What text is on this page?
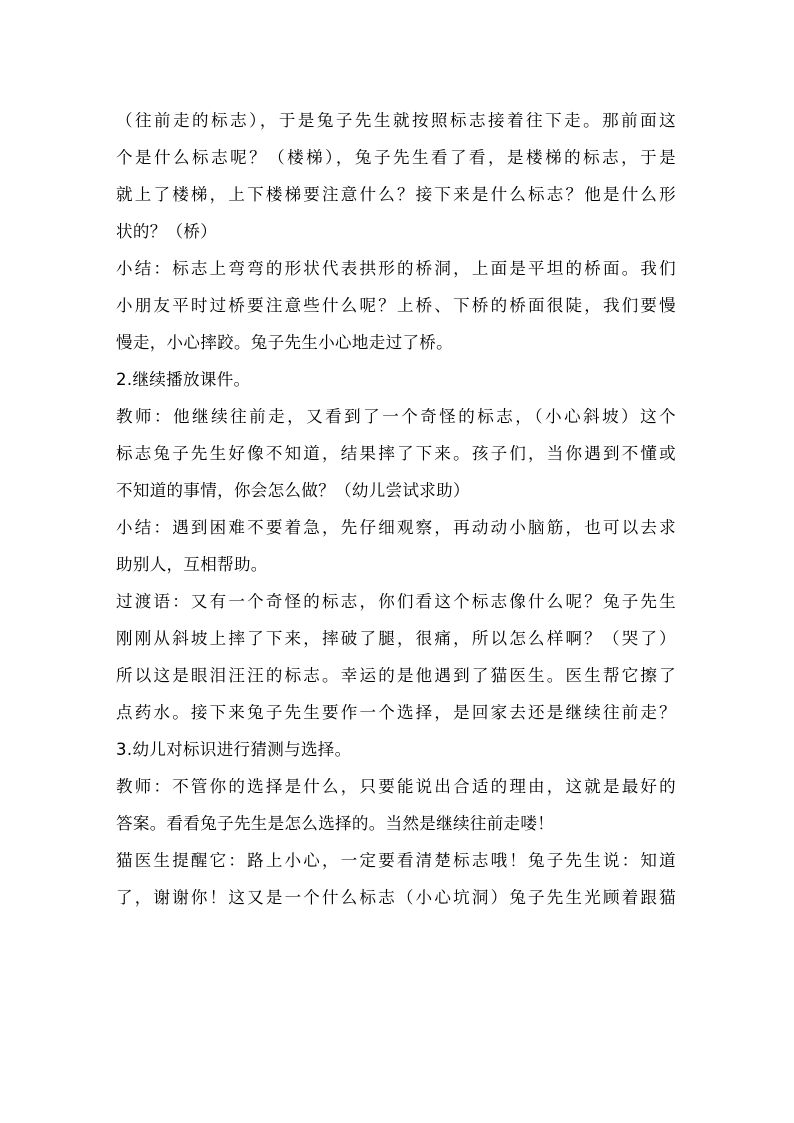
（往前走的标志），于是兔子先生就按照标志接着往下走。那前面这
个是什么标志呢？（楼梯），兔子先生看了看，是楼梯的标志，于是
就上了楼梯，上下楼梯要注意什么？接下来是什么标志？他是什么形
状的？（桥）
小结：标志上弯弯的形状代表拱形的桥洞，上面是平坦的桥面。我们
小朋友平时过桥要注意些什么呢？上桥、下桥的桥面很陡，我们要慢
慢走，小心摔跤。兔子先生小心地走过了桥。
2.继续播放课件。
教师：他继续往前走，又看到了一个奇怪的标志，（小心斜坡）这个
标志兔子先生好像不知道，结果摔了下来。孩子们，当你遇到不懂或
不知道的事情，你会怎么做？（幼儿尝试求助）
小结：遇到困难不要着急，先仔细观察，再动动小脑筋，也可以去求
助别人，互相帮助。
过渡语：又有一个奇怪的标志，你们看这个标志像什么呢？兔子先生
刚刚从斜坡上摔了下来，摔破了腿，很痛，所以怎么样啊？（哭了）
所以这是眼泪汪汪的标志。幸运的是他遇到了猫医生。医生帮它擦了
点药水。接下来兔子先生要作一个选择，是回家去还是继续往前走？
3.幼儿对标识进行猜测与选择。
教师：不管你的选择是什么，只要能说出合适的理由，这就是最好的
答案。看看兔子先生是怎么选择的。当然是继续往前走喽！
猫医生提醒它：路上小心，一定要看清楚标志哦！兔子先生说：知道
了，谢谢你！这又是一个什么标志（小心坑洞）兔子先生光顾着跟猫
